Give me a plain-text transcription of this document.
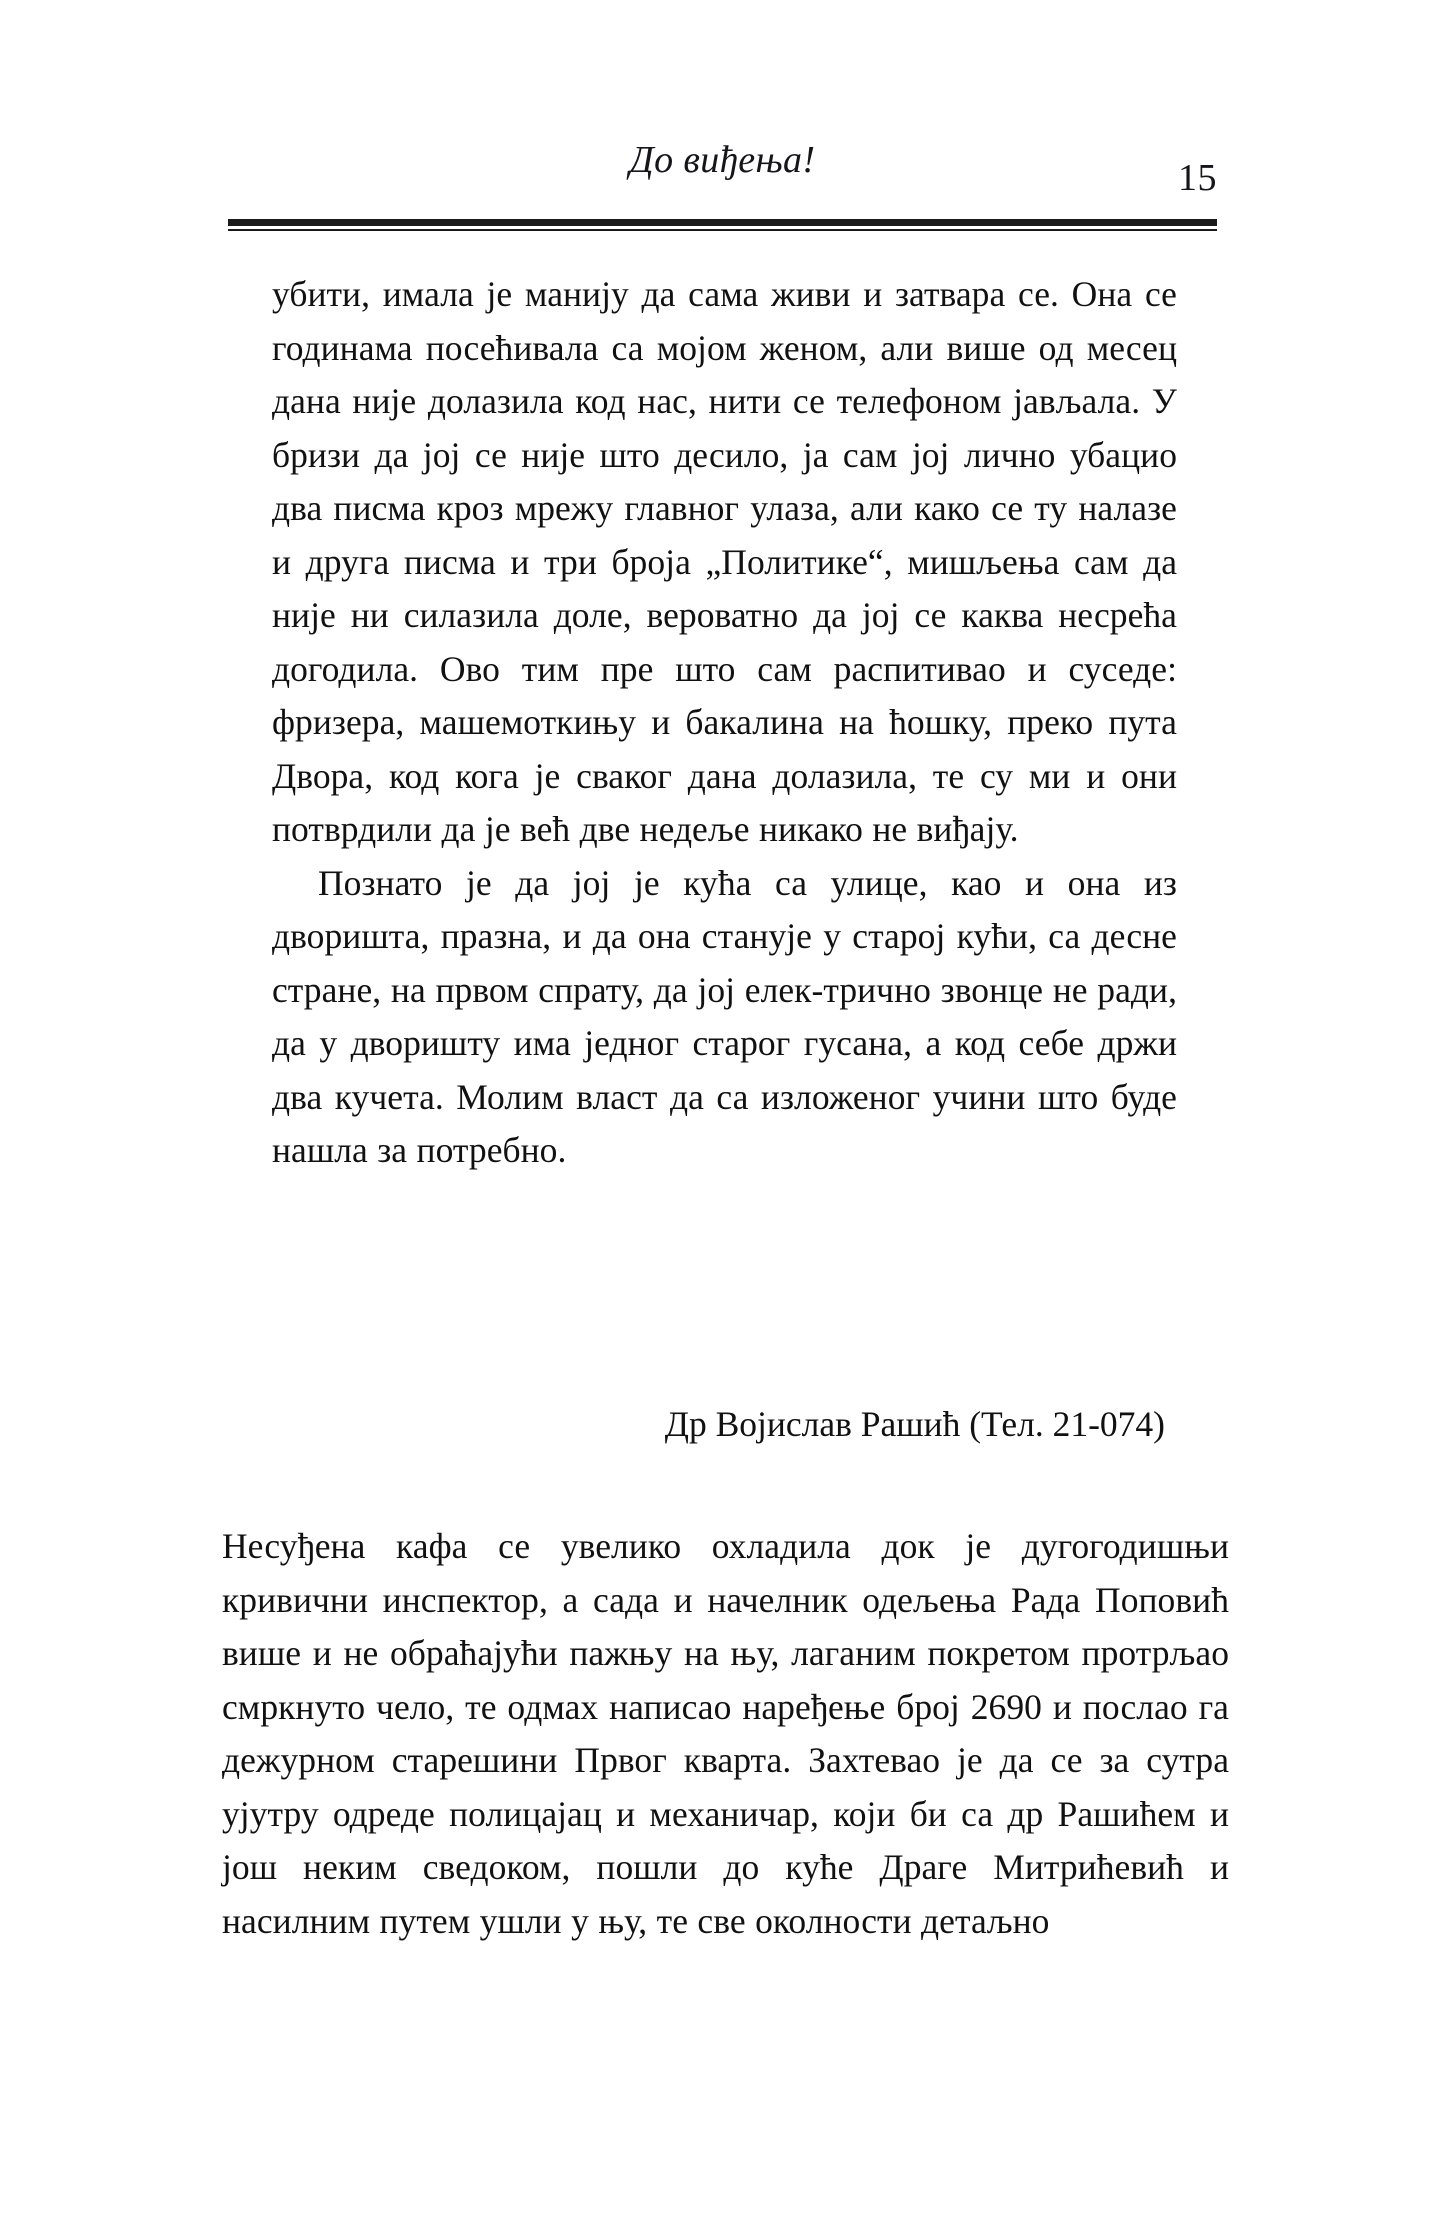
До виђења!	15

убити, имала је манију да сама живи и затвара се. Она се годинама посећивала са мојом женом, али више од месец дана није долазила код нас, нити се телефоном јављала. У бризи да јој се није што десило, ја сам јој лично убацио два писма кроз мрежу главног улаза, али како се ту налазе и друга писма и три броја „Политике“, мишљења сам да није ни силазила доле, вероватно да јој се каква несрећа догодила. Ово тим пре што сам распитивао и суседе: фризера, машемоткињу и бакалина на ћошку, преко пута Двора, код кога је сваког дана долазила, те су ми и они потврдили да је већ две недеље никако не виђају.

Познато је да јој је кућа са улице, као и она из дворишта, празна, и да она станује у старој кући, са десне стране, на првом спрату, да јој елек-трично звонце не ради, да у дворишту има једног старог гусана, а код себе држи два кучета. Молим власт да са изложеног учини што буде нашла за потребно.

Др Војислав Рашић (Тел. 21-074)

Несуђена кафа се увелико охладила док је дугогодишњи кривични инспектор, а сада и начелник одељења Рада Поповић више и не обраћајући пажњу на њу, лаганим покретом протрљао смркнуто чело, те одмах написао наређење број 2690 и послао га дежурном старешини Првог кварта. Захтевао је да се за сутра ујутру одреде полицајац и механичар, који би са др Рашићем и још неким сведоком, пошли до куће Драге Митрићевић и насилним путем ушли у њу, те све околности детаљно
